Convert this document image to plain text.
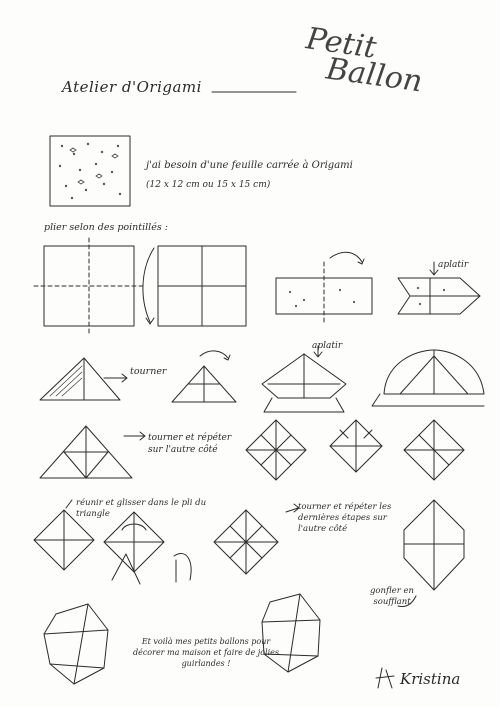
Atelier d'Origami
Petit
Ballon
j'ai besoin d'une feuille carrée à Origami
(12 x 12 cm ou 15 x 15 cm)
plier selon des pointillés :
aplatir
tourner
aplatir
tourner et répéter sur l'autre côté
réunir et glisser dans le pli du triangle
tourner et répéter les dernières étapes sur l'autre côté
gonfler en soufflant
Et voilà mes petits ballons pour décorer ma maison et faire de jolies guirlandes !
Kristina
